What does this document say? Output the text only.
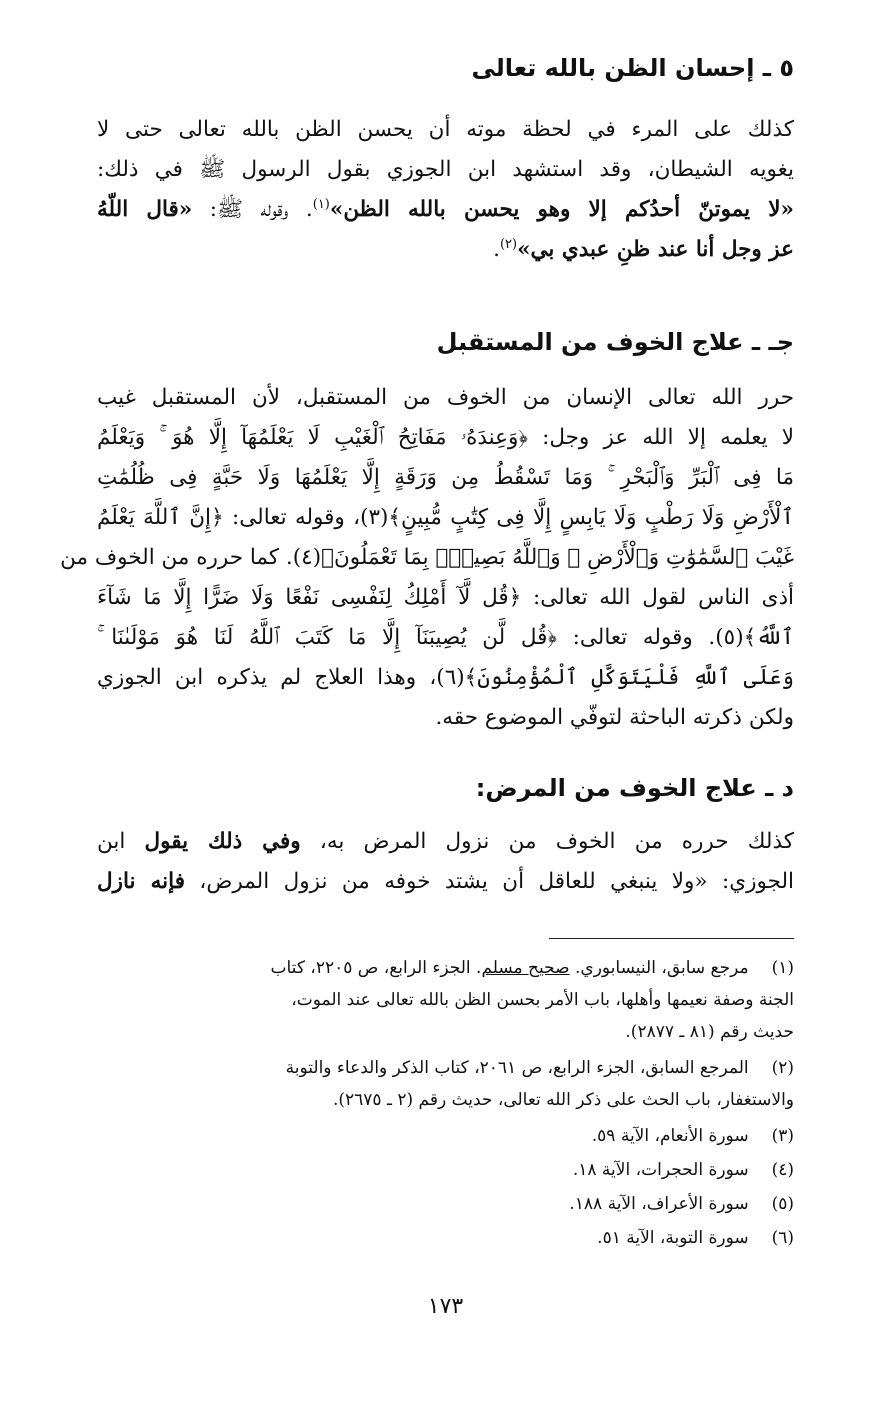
٥ ـ إحسان الظن بالله تعالى
كذلك على المرء في لحظة موته أن يحسن الظن بالله تعالى حتى لا
يغويه الشيطان، وقد استشهد ابن الجوزي بقول الرسول ﷺ في ذلك:
«لا يموتنّ أحدُكم إلا وهو يحسن بالله الظن»$^{(١)}$. وقوله ﷺ: «قال اللّهُ
عز وجل أنا عند ظنِ عبدي بي»$^{(٢)}$.
جـ ـ علاج الخوف من المستقبل
حرر الله تعالى الإنسان من الخوف من المستقبل، لأن المستقبل غيب
لا يعلمه إلا الله عز وجل: ﴿وَعِندَهُۥ مَفَاتِحُ ٱلْغَيْبِ لَا يَعْلَمُهَآ إِلَّا هُوَ ۚ وَيَعْلَمُ
مَا فِى ٱلْبَرِّ وَٱلْبَحْرِ ۚ وَمَا تَسْقُطُ مِن وَرَقَةٍ إِلَّا يَعْلَمُهَا وَلَا حَبَّةٍ فِى ظُلُمَٰتِ
ٱلْأَرْضِ وَلَا رَطْبٍ وَلَا يَابِسٍ إِلَّا فِى كِتَٰبٍ مُّبِينٍ﴾(٣)، وقوله تعالى: ﴿إِنَّ ٱللَّهَ يَعْلَمُ
غَيْبَ ٱلسَّمَٰوَٰتِ وَٱلْأَرْضِ ۚ وَٱللَّهُ بَصِيرٌۢ بِمَا تَعْمَلُونَ﴾(٤). كما حرره من الخوف من
أذى الناس لقول الله تعالى: ﴿قُل لَّآ أَمْلِكُ لِنَفْسِى نَفْعًا وَلَا ضَرًّا إِلَّا مَا شَآءَ
ٱللَّهُ﴾(٥). وقوله تعالى: ﴿قُل لَّن يُصِيبَنَآ إِلَّا مَا كَتَبَ ٱللَّهُ لَنَا هُوَ مَوْلَىٰنَا ۚ
وَعَلَى ٱللَّهِ فَلْيَتَوَكَّلِ ٱلْمُؤْمِنُونَ﴾(٦)، وهذا العلاج لم يذكره ابن الجوزي
ولكن ذكرته الباحثة لتوفّي الموضوع حقه.
د ـ علاج الخوف من المرض:
كذلك حرره من الخوف من نزول المرض به، وفي ذلك يقول ابن
الجوزي: «ولا ينبغي للعاقل أن يشتد خوفه من نزول المرض، فإنه نازل
(١) مرجع سابق، النيسابوري. صحيح مسلم. الجزء الرابع، ص ٢٢٠٥، كتاب
الجنة وصفة نعيمها وأهلها، باب الأمر بحسن الظن بالله تعالى عند الموت،
حديث رقم (٨١ ـ ٢٨٧٧).
(٢) المرجع السابق، الجزء الرابع، ص ٢٠٦١، كتاب الذكر والدعاء والتوبة
والاستغفار، باب الحث على ذكر الله تعالى، حديث رقم (٢ ـ ٢٦٧٥).
(٣) سورة الأنعام، الآية ٥٩.
(٤) سورة الحجرات، الآية ١٨.
(٥) سورة الأعراف، الآية ١٨٨.
(٦) سورة التوبة، الآية ٥١.
١٧٣
